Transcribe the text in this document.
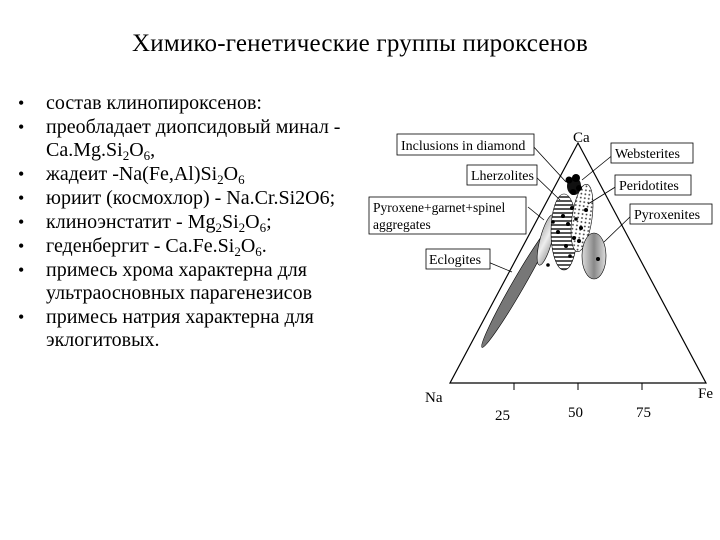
Химико-генетические группы пироксенов
• состав клинопироксенов:
• преобладает диопсидовый минал - $Ca.Mg.Si_2O_6$,
• жадеит $-Na(Fe,Al)Si_2O_6$
• юриит (космохлор) - Na.Cr.Si2O6;
• клиноэнстатит - $Mg_2Si_2O_6$;
• геденбергит - $Ca.Fe.Si_2O_6$.
• примесь хрома характерна для ультраосновных парагенезисов
• примесь натрия характерна для эклогитовых.
Ca
Na	Fe
25	50	75
Inclusions in diamond
Lherzolites
Pyroxene+garnet+spinel
aggregates
Eclogites
Websterites
Peridotites
Pyroxenites
